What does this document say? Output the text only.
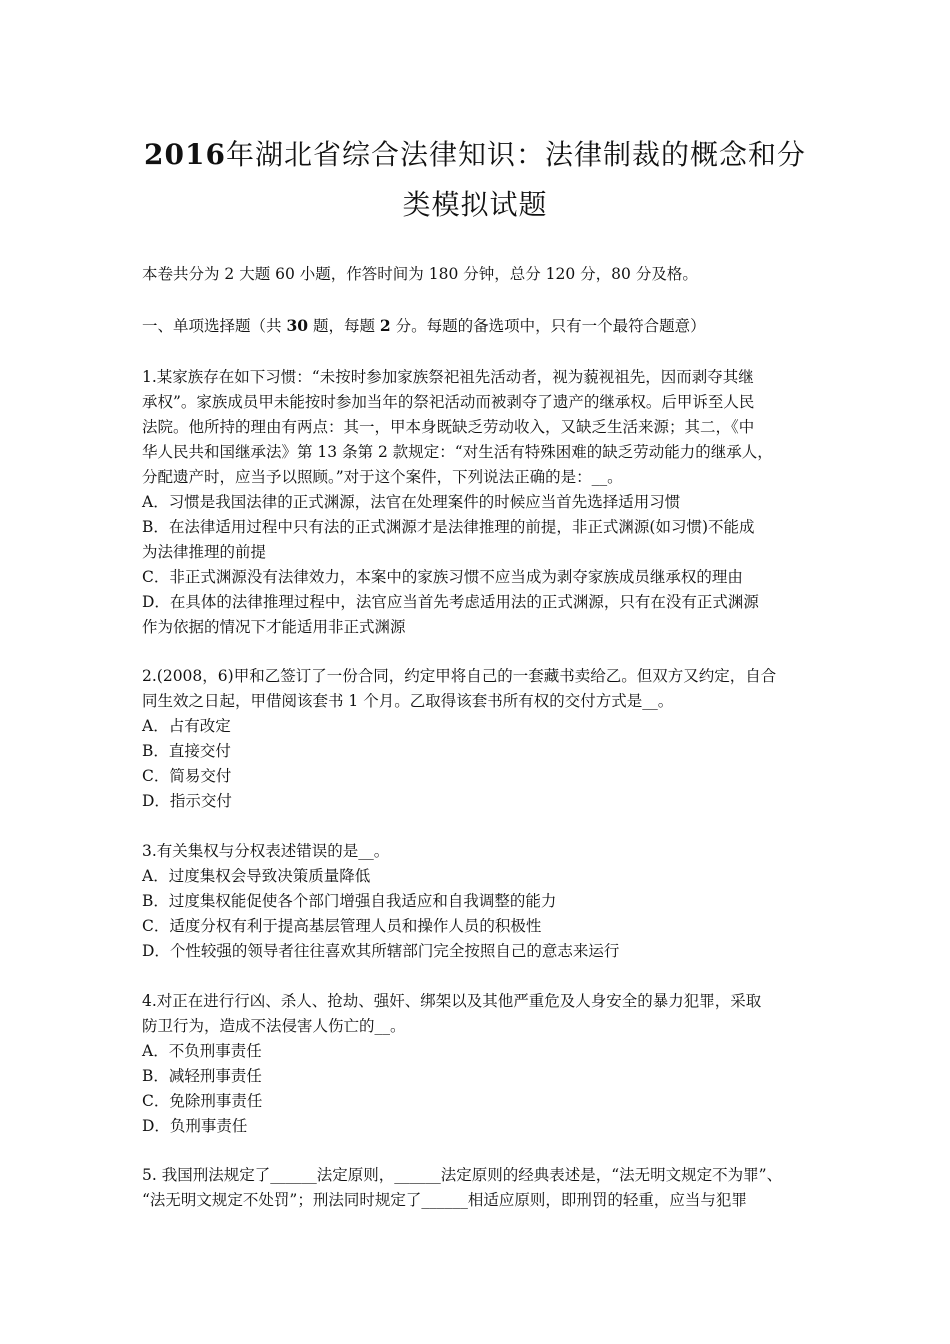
2016年湖北省综合法律知识：法律制裁的概念和分
类模拟试题
本卷共分为 2 大题 60 小题，作答时间为 180 分钟，总分 120 分，80 分及格。
一、单项选择题（共 30 题，每题 2 分。每题的备选项中，只有一个最符合题意）
1.某家族存在如下习惯：“未按时参加家族祭祀祖先活动者，视为藐视祖先，因而剥夺其继
承权”。家族成员甲未能按时参加当年的祭祀活动而被剥夺了遗产的继承权。后甲诉至人民
法院。他所持的理由有两点：其一，甲本身既缺乏劳动收入，又缺乏生活来源；其二，《中
华人民共和国继承法》第 13 条第 2 款规定：“对生活有特殊困难的缺乏劳动能力的继承人，
分配遗产时，应当予以照顾。”对于这个案件，下列说法正确的是：__。
A．习惯是我国法律的正式渊源，法官在处理案件的时候应当首先选择适用习惯
B．在法律适用过程中只有法的正式渊源才是法律推理的前提，非正式渊源(如习惯)不能成
为法律推理的前提
C．非正式渊源没有法律效力，本案中的家族习惯不应当成为剥夺家族成员继承权的理由
D．在具体的法律推理过程中，法官应当首先考虑适用法的正式渊源，只有在没有正式渊源
作为依据的情况下才能适用非正式渊源
2.(2008，6)甲和乙签订了一份合同，约定甲将自己的一套藏书卖给乙。但双方又约定，自合
同生效之日起，甲借阅该套书 1 个月。乙取得该套书所有权的交付方式是__。
A．占有改定
B．直接交付
C．简易交付
D．指示交付
3.有关集权与分权表述错误的是__。
A．过度集权会导致决策质量降低
B．过度集权能促使各个部门增强自我适应和自我调整的能力
C．适度分权有利于提高基层管理人员和操作人员的积极性
D．个性较强的领导者往往喜欢其所辖部门完全按照自己的意志来运行
4.对正在进行行凶、杀人、抢劫、强奸、绑架以及其他严重危及人身安全的暴力犯罪，采取
防卫行为，造成不法侵害人伤亡的__。
A．不负刑事责任
B．减轻刑事责任
C．免除刑事责任
D．负刑事责任
5. 我国刑法规定了______法定原则，______法定原则的经典表述是，“法无明文规定不为罪”、
“法无明文规定不处罚”；刑法同时规定了______相适应原则，即刑罚的轻重，应当与犯罪
